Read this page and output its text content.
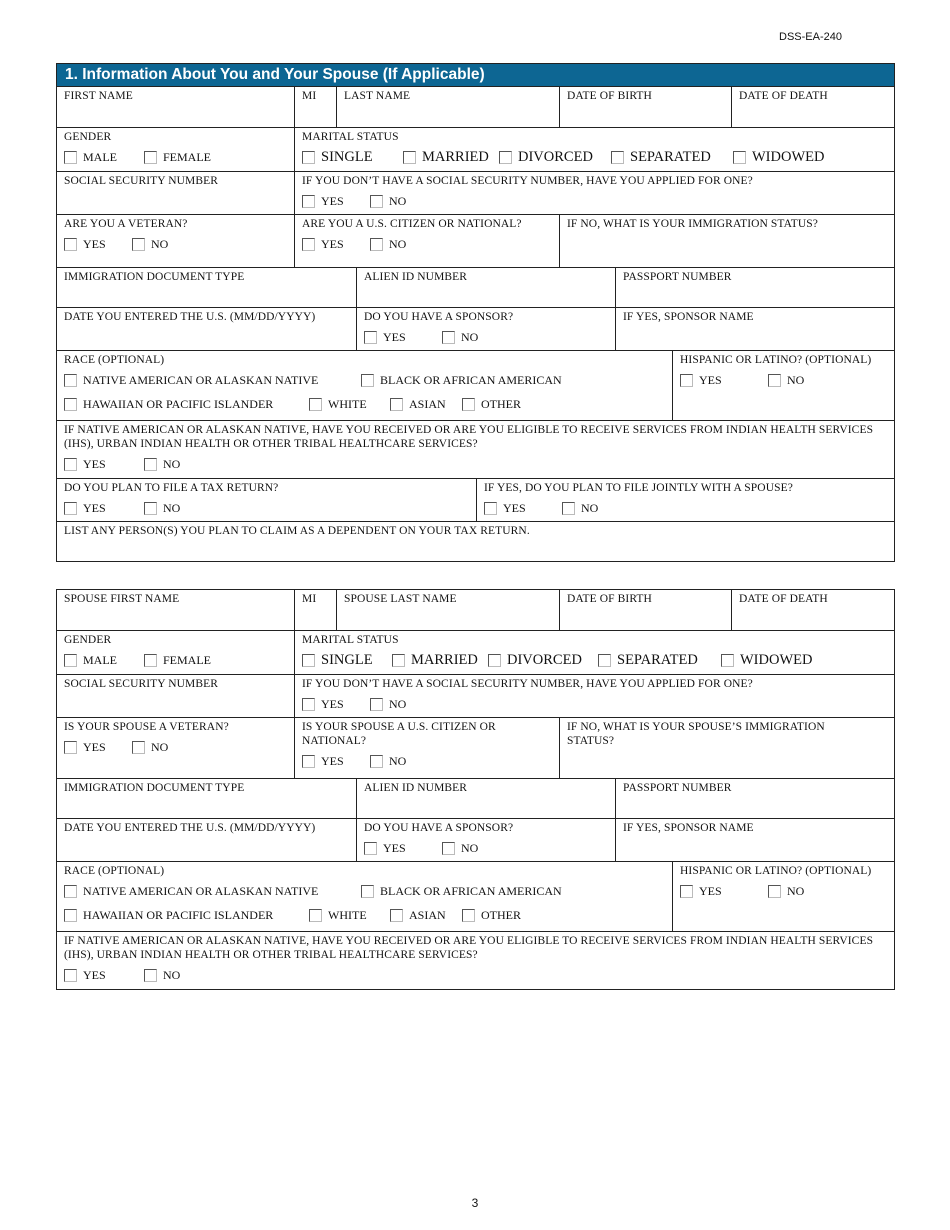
DSS-EA-240
1. Information About You and Your Spouse (If Applicable)
FIRST NAME	MI	LAST NAME	DATE OF BIRTH	DATE OF DEATH
GENDER
MALE	FEMALE
MARITAL STATUS
SINGLE	MARRIED DIVORCED	SEPARATED	WIDOWED
SOCIAL SECURITY NUMBER	IF YOU DON’T HAVE A SOCIAL SECURITY NUMBER, HAVE YOU APPLIED FOR ONE?
YES	NO
ARE YOU A VETERAN?
YES	NO
ARE YOU A U.S. CITIZEN OR NATIONAL?
YES	NO
IF NO, WHAT IS YOUR IMMIGRATION STATUS?
IMMIGRATION DOCUMENT TYPE	ALIEN ID NUMBER	PASSPORT NUMBER
DATE YOU ENTERED THE U.S. (MM/DD/YYYY)	DO YOU HAVE A SPONSOR?
YES	NO
IF YES, SPONSOR NAME
RACE (OPTIONAL)
NATIVE AMERICAN OR ALASKAN NATIVE	BLACK OR AFRICAN AMERICAN
HAWAIIAN OR PACIFIC ISLANDER	WHITE	ASIAN	OTHER
HISPANIC OR LATINO? (OPTIONAL)
YES	NO
IF NATIVE AMERICAN OR ALASKAN NATIVE, HAVE YOU RECEIVED OR ARE YOU ELIGIBLE TO RECEIVE SERVICES FROM INDIAN HEALTH SERVICES (IHS), URBAN INDIAN HEALTH OR OTHER TRIBAL HEALTHCARE SERVICES?
YES	NO
DO YOU PLAN TO FILE A TAX RETURN?
YES	NO
IF YES, DO YOU PLAN TO FILE JOINTLY WITH A SPOUSE?
YES	NO
LIST ANY PERSON(S) YOU PLAN TO CLAIM AS A DEPENDENT ON YOUR TAX RETURN.
SPOUSE FIRST NAME	MI	SPOUSE LAST NAME	DATE OF BIRTH	DATE OF DEATH
GENDER
MALE	FEMALE
MARITAL STATUS
SINGLE	MARRIED DIVORCED SEPARATED	WIDOWED
SOCIAL SECURITY NUMBER	IF YOU DON’T HAVE A SOCIAL SECURITY NUMBER, HAVE YOU APPLIED FOR ONE?
YES	NO
IS YOUR SPOUSE A VETERAN?
YES	NO
IS YOUR SPOUSE A U.S. CITIZEN OR NATIONAL?
YES	NO
IF NO, WHAT IS YOUR SPOUSE’S IMMIGRATION STATUS?
IMMIGRATION DOCUMENT TYPE	ALIEN ID NUMBER	PASSPORT NUMBER
DATE YOU ENTERED THE U.S. (MM/DD/YYYY)	DO YOU HAVE A SPONSOR?
YES	NO
IF YES, SPONSOR NAME
RACE (OPTIONAL)
NATIVE AMERICAN OR ALASKAN NATIVE	BLACK OR AFRICAN AMERICAN
HAWAIIAN OR PACIFIC ISLANDER	WHITE	ASIAN	OTHER
HISPANIC OR LATINO? (OPTIONAL)
YES	NO
IF NATIVE AMERICAN OR ALASKAN NATIVE, HAVE YOU RECEIVED OR ARE YOU ELIGIBLE TO RECEIVE SERVICES FROM INDIAN HEALTH SERVICES (IHS), URBAN INDIAN HEALTH OR OTHER TRIBAL HEALTHCARE SERVICES?
YES	NO
3
